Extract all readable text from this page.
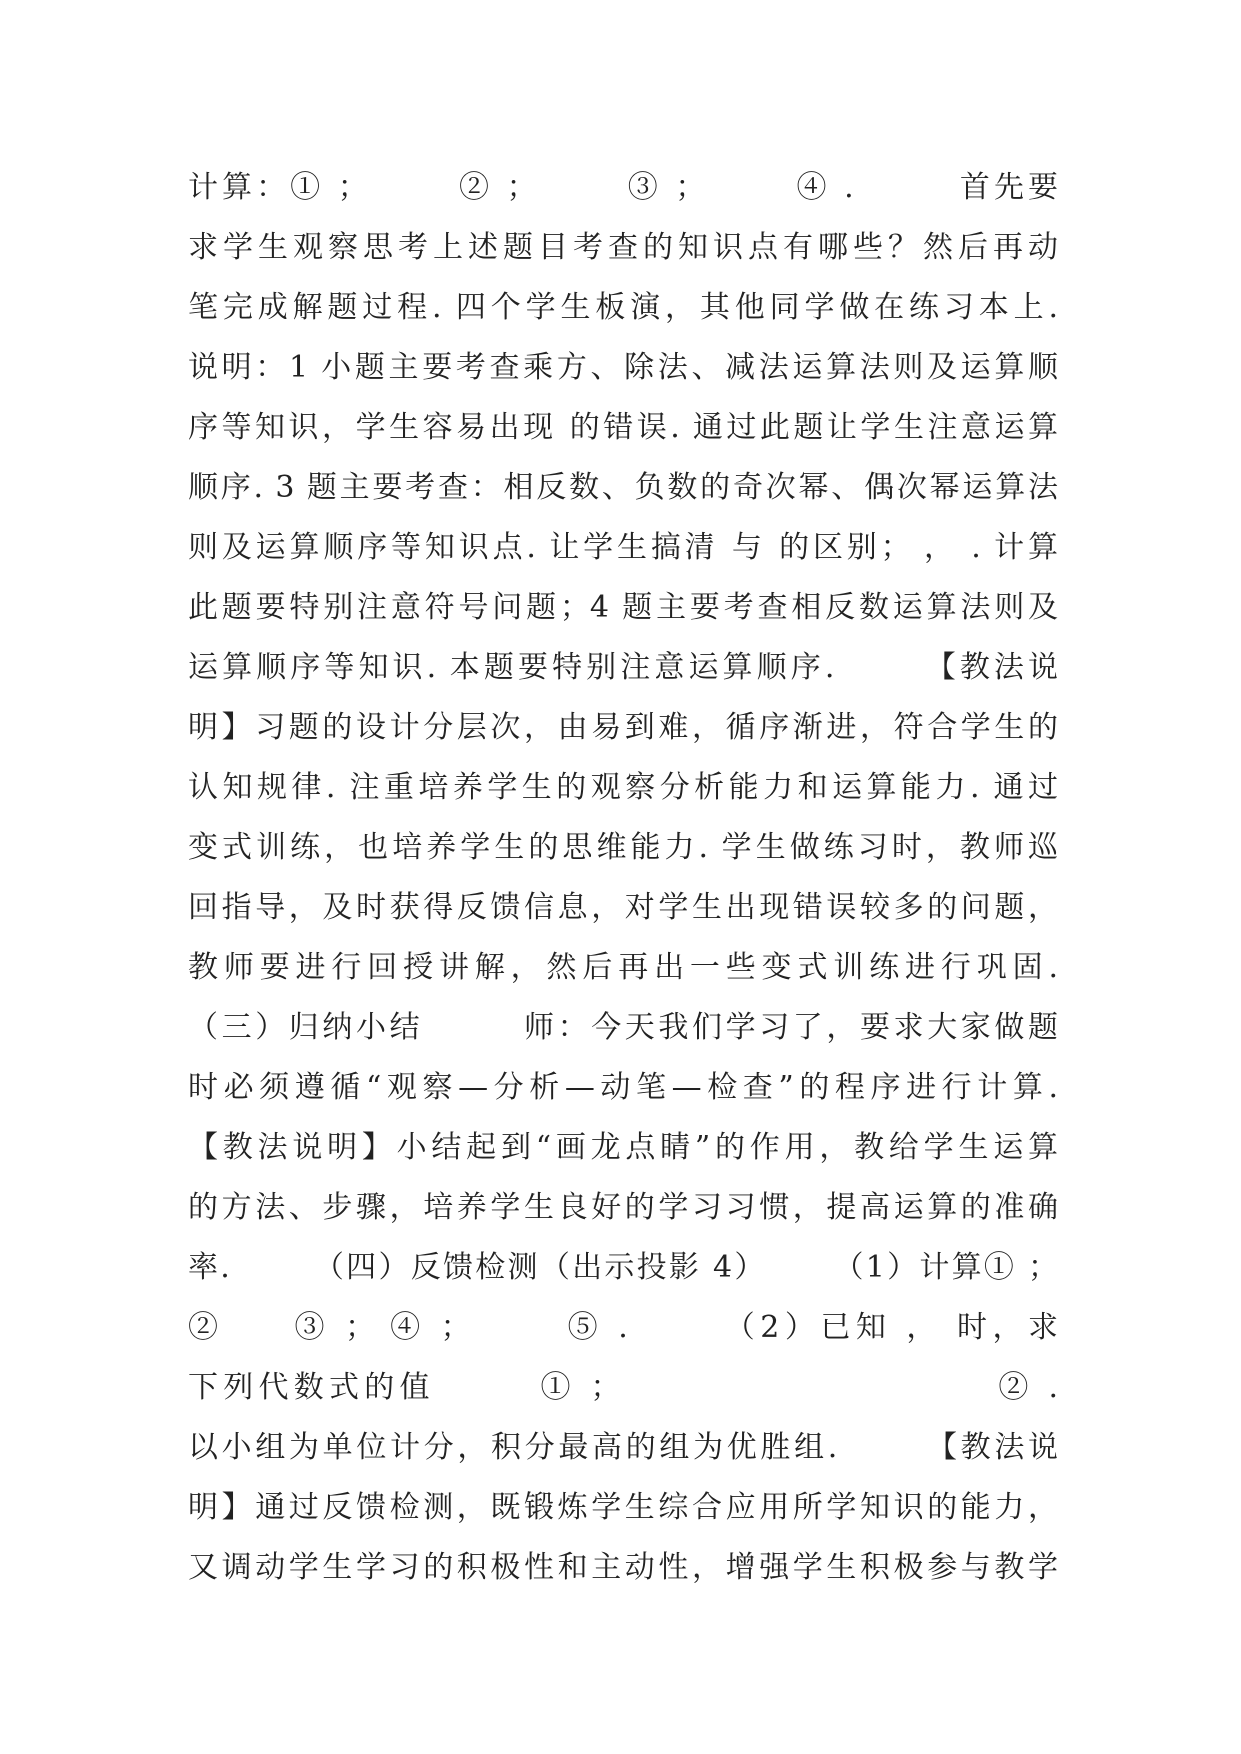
计算：① ；　　　② ；　　　③ ；　　　④ .　　　首先要
求学生观察思考上述题目考查的知识点有哪些？然后再动
笔完成解题过程. 四个学生板演，其他同学做在练习本上.
说明：1 小题主要考查乘方、除法、减法运算法则及运算顺
序等知识，学生容易出现 的错误. 通过此题让学生注意运算
顺序. 3 题主要考查：相反数、负数的奇次幂、偶次幂运算法
则及运算顺序等知识点. 让学生搞清 与 的区别； ， . 计算
此题要特别注意符号问题；4 题主要考查相反数运算法则及
运算顺序等知识. 本题要特别注意运算顺序.　　　【教法说
明】习题的设计分层次，由易到难，循序渐进，符合学生的
认知规律. 注重培养学生的观察分析能力和运算能力. 通过
变式训练，也培养学生的思维能力. 学生做练习时，教师巡
回指导，及时获得反馈信息，对学生出现错误较多的问题，
教师要进行回授讲解，然后再出一些变式训练进行巩固.
（三）归纳小结　　　师：今天我们学习了，要求大家做题
时必须遵循“观察—分析—动笔—检查”的程序进行计算.
【教法说明】小结起到“画龙点睛”的作用，教给学生运算
的方法、步骤，培养学生良好的学习习惯，提高运算的准确
率.　　　（四）反馈检测（出示投影 4）　　　（1）计算① ；
②　　③ ； ④ ；　　　⑤ .　　　（2）已知 ， 时，求
下列代数式的值　　　① ；　　　　　　　　　　　② .
以小组为单位计分，积分最高的组为优胜组.　　　【教法说
明】通过反馈检测，既锻炼学生综合应用所学知识的能力，
又调动学生学习的积极性和主动性，增强学生积极参与教学
